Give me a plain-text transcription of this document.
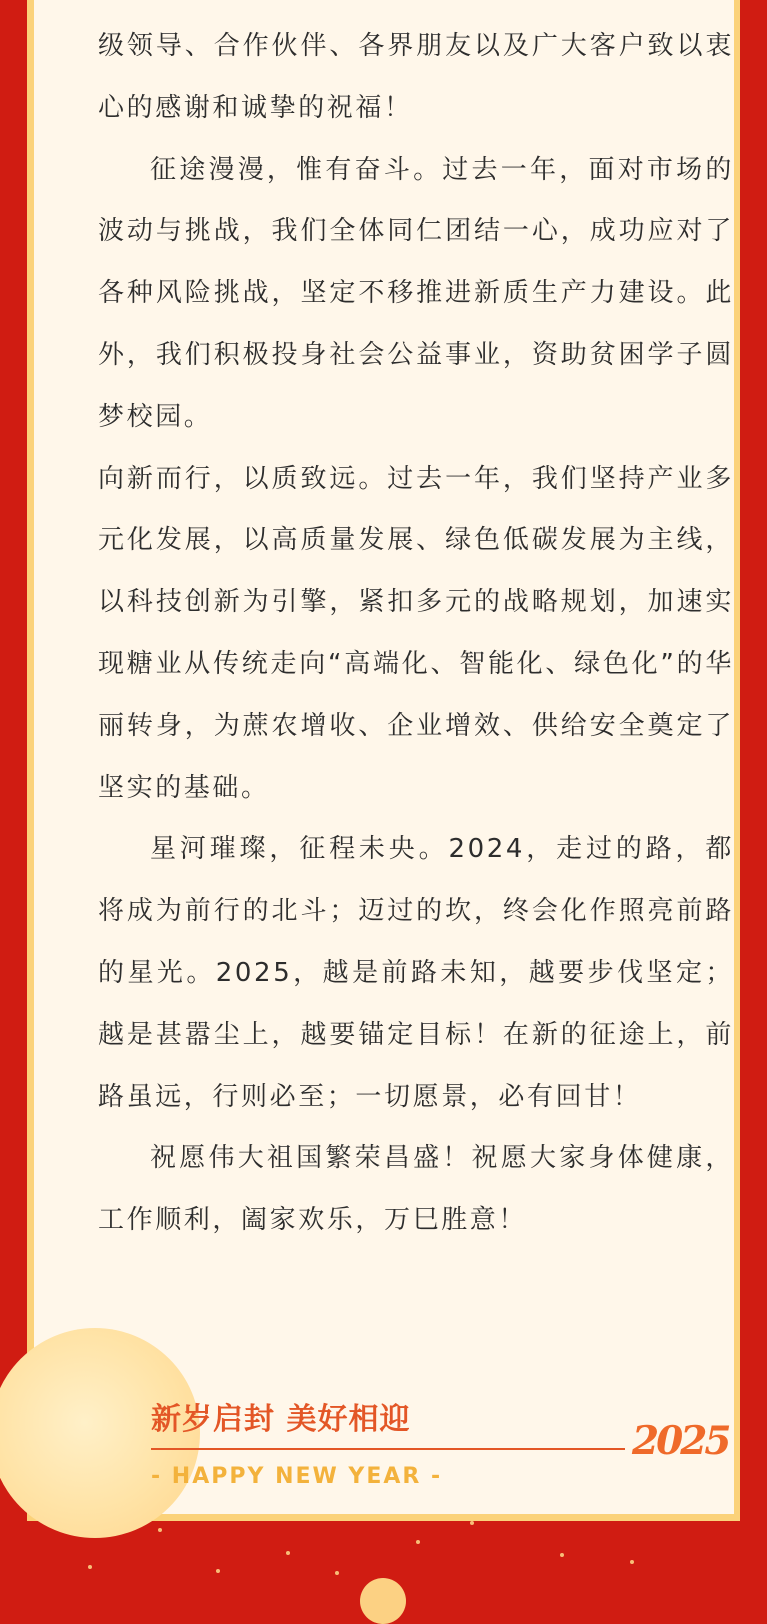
级领导、合作伙伴、各界朋友以及广大客户致以衷心的感谢和诚挚的祝福！

征途漫漫，惟有奋斗。过去一年，面对市场的波动与挑战，我们全体同仁团结一心，成功应对了各种风险挑战，坚定不移推进新质生产力建设。此外，我们积极投身社会公益事业，资助贫困学子圆梦校园。

向新而行，以质致远。过去一年，我们坚持产业多元化发展，以高质量发展、绿色低碳发展为主线，以科技创新为引擎，紧扣多元的战略规划，加速实现糖业从传统走向“高端化、智能化、绿色化”的华丽转身，为蔗农增收、企业增效、供给安全奠定了坚实的基础。

星河璀璨，征程未央。2024，走过的路，都将成为前行的北斗；迈过的坎，终会化作照亮前路的星光。2025，越是前路未知，越要步伐坚定；越是甚嚣尘上，越要锚定目标！在新的征途上，前路虽远，行则必至；一切愿景，必有回甘！

祝愿伟大祖国繁荣昌盛！祝愿大家身体健康，工作顺利，阖家欢乐，万巳胜意！

新岁启封 美好相迎	2025
- HAPPY NEW YEAR -
